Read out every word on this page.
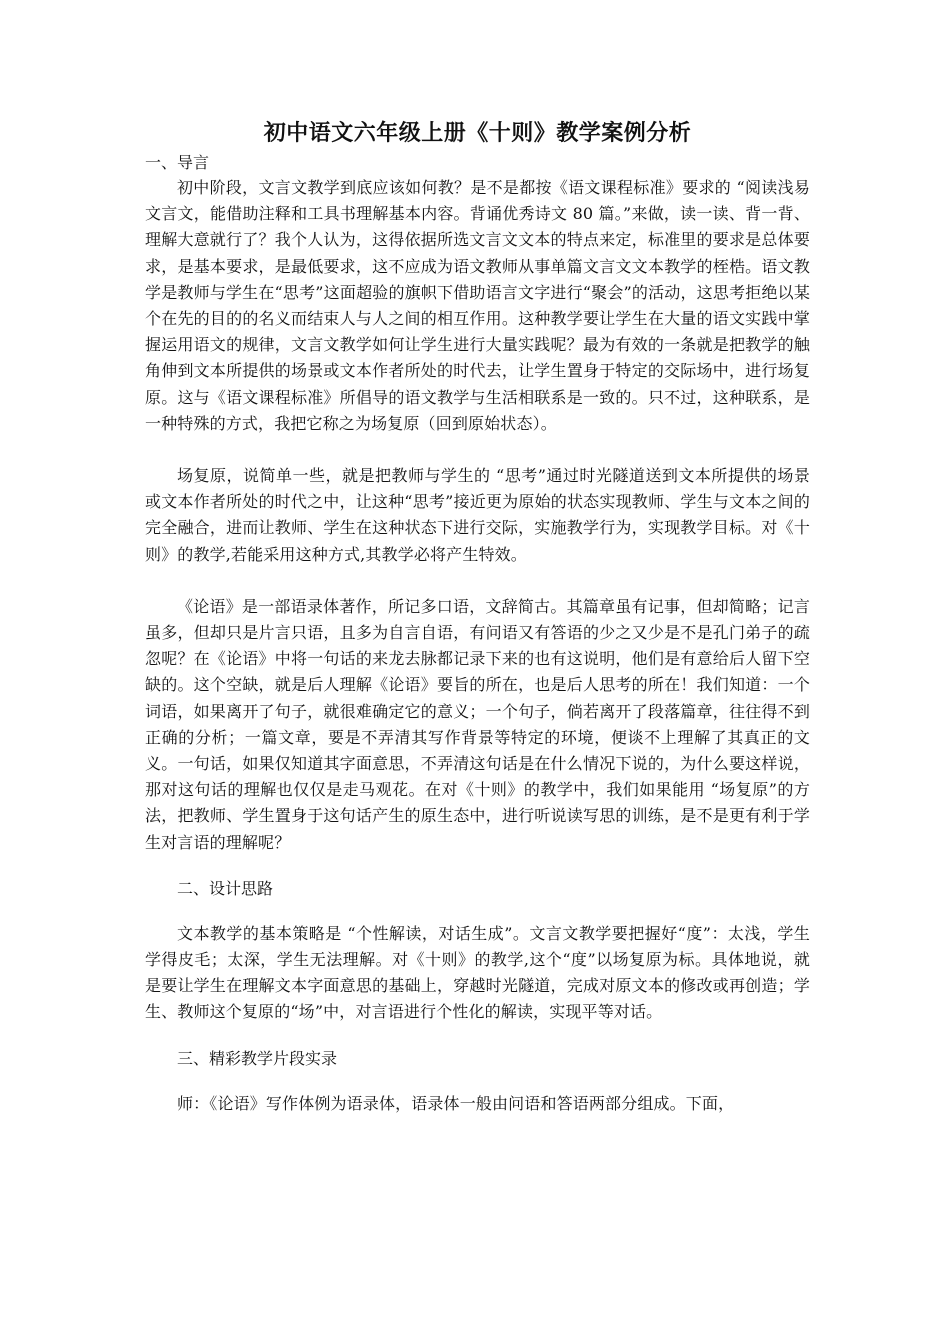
初中语文六年级上册《十则》教学案例分析

一、导言

初中阶段，文言文教学到底应该如何教？是不是都按《语文课程标准》要求的 “阅读浅易文言文，能借助注释和工具书理解基本内容。背诵优秀诗文 80 篇。”来做，读一读、背一背、理解大意就行了？我个人认为，这得依据所选文言文文本的特点来定，标准里的要求是总体要求，是基本要求，是最低要求，这不应成为语文教师从事单篇文言文文本教学的桎梏。语文教学是教师与学生在“思考”这面超验的旗帜下借助语言文字进行“聚会”的活动，这思考拒绝以某个在先的目的的名义而结束人与人之间的相互作用。这种教学要让学生在大量的语文实践中掌握运用语文的规律，文言文教学如何让学生进行大量实践呢？最为有效的一条就是把教学的触角伸到文本所提供的场景或文本作者所处的时代去，让学生置身于特定的交际场中，进行场复原。这与《语文课程标准》所倡导的语文教学与生活相联系是一致的。只不过，这种联系，是一种特殊的方式，我把它称之为场复原（回到原始状态）。

场复原，说简单一些，就是把教师与学生的 “思考”通过时光隧道送到文本所提供的场景或文本作者所处的时代之中，让这种“思考”接近更为原始的状态实现教师、学生与文本之间的完全融合，进而让教师、学生在这种状态下进行交际，实施教学行为，实现教学目标。对《十则》的教学,若能采用这种方式,其教学必将产生特效。

《论语》是一部语录体著作，所记多口语，文辞简古。其篇章虽有记事，但却简略；记言虽多，但却只是片言只语，且多为自言自语，有问语又有答语的少之又少是不是孔门弟子的疏忽呢？在《论语》中将一句话的来龙去脉都记录下来的也有这说明，他们是有意给后人留下空缺的。这个空缺，就是后人理解《论语》要旨的所在，也是后人思考的所在！我们知道：一个词语，如果离开了句子，就很难确定它的意义；一个句子，倘若离开了段落篇章，往往得不到正确的分析；一篇文章，要是不弄清其写作背景等特定的环境，便谈不上理解了其真正的文义。一句话，如果仅知道其字面意思，不弄清这句话是在什么情况下说的，为什么要这样说，那对这句话的理解也仅仅是走马观花。在对《十则》的教学中，我们如果能用 “场复原”的方法，把教师、学生置身于这句话产生的原生态中，进行听说读写思的训练，是不是更有利于学生对言语的理解呢？

二、设计思路

文本教学的基本策略是 “个性解读，对话生成”。文言文教学要把握好“度”：太浅，学生学得皮毛；太深，学生无法理解。对《十则》的教学,这个“度”以场复原为标。具体地说，就是要让学生在理解文本字面意思的基础上，穿越时光隧道，完成对原文本的修改或再创造；学生、教师这个复原的“场”中，对言语进行个性化的解读，实现平等对话。

三、精彩教学片段实录

师：《论语》写作体例为语录体，语录体一般由问语和答语两部分组成。下面，
